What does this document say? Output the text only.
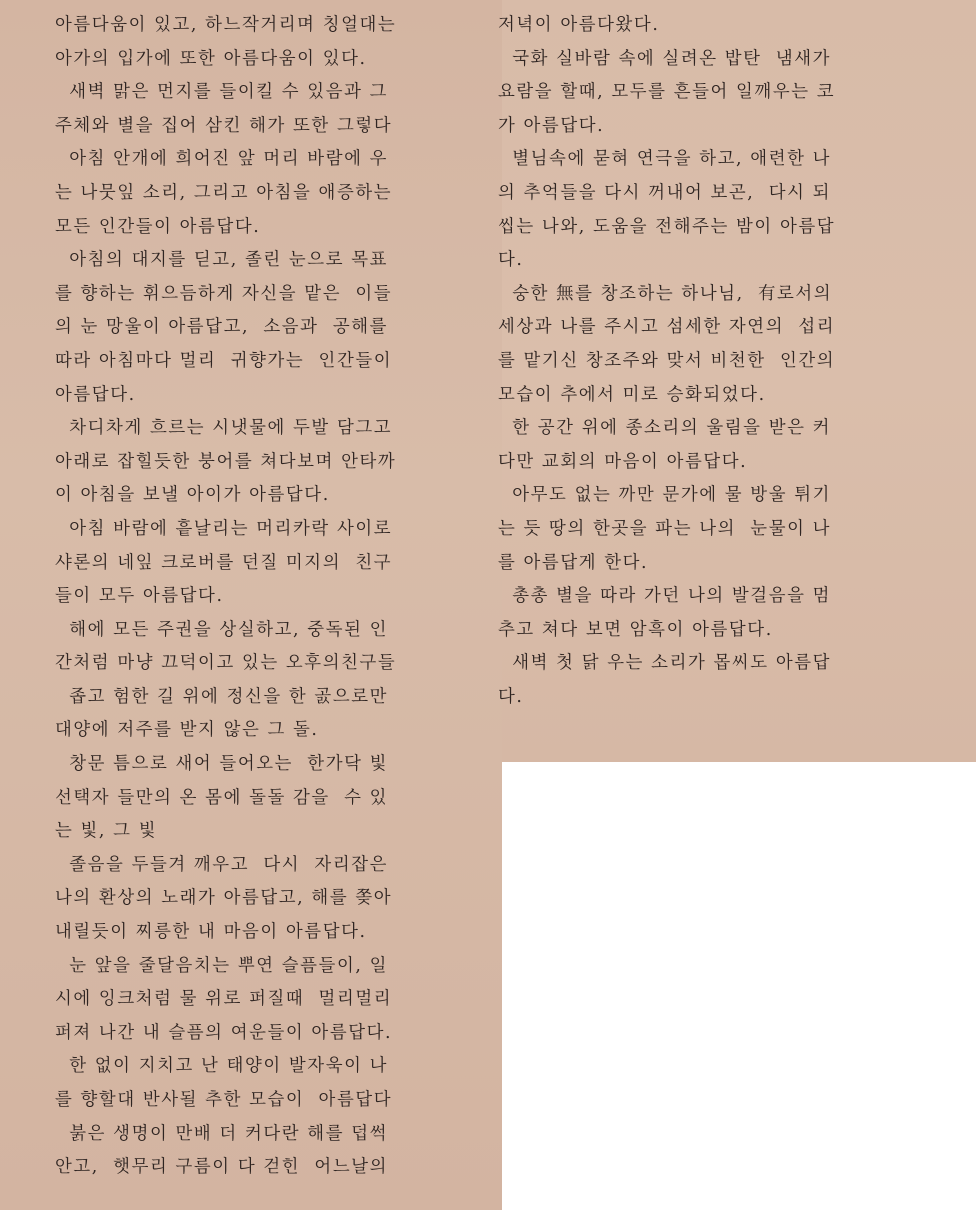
아름다움이 있고, 하느작거리며 칭얼대는
아가의 입가에 또한 아름다움이 있다.
새벽 맑은 먼지를 들이킬 수 있음과 그
주체와 별을 집어 삼킨 해가 또한 그렇다
아침 안개에 희어진 앞 머리 바람에 우
는 나뭇잎 소리, 그리고 아침을 애증하는
모든 인간들이 아름답다.
아침의 대지를 딛고, 졸린 눈으로 목표
를 향하는 휘으듬하게 자신을 맡은  이들
의 눈 망울이 아름답고,  소음과  공해를
따라 아침마다 멀리  귀향가는  인간들이
아름답다.
차디차게 흐르는 시냇물에 두발 담그고
아래로 잡힐듯한 붕어를 쳐다보며 안타까
이 아침을 보낼 아이가 아름답다.
아침 바람에 흩날리는 머리카락 사이로
샤론의 네잎 크로버를 던질 미지의  친구
들이 모두 아름답다.
해에 모든 주권을 상실하고, 중독된 인
간처럼 마냥 끄덕이고 있는 오후의친구들
좁고 험한 길 위에 정신을 한 곬으로만
대양에 저주를 받지 않은 그 돌.
창문 틈으로 새어 들어오는  한가닥 빛
선택자 들만의 온 몸에 돌돌 감을  수 있
는 빛, 그 빛
졸음을 두들겨 깨우고  다시  자리잡은
나의 환상의 노래가 아름답고, 해를 쫒아
내릴듯이 찌릉한 내 마음이 아름답다.
눈 앞을 줄달음치는 뿌연 슬픔들이, 일
시에 잉크처럼 물 위로 퍼질때  멀리멀리
퍼져 나간 내 슬픔의 여운들이 아름답다.
한 없이 지치고 난 태양이 발자욱이 나
를 향할대 반사될 추한 모습이  아름답다
붉은 생명이 만배 더 커다란 해를 덥썩
안고,  햇무리 구름이 다 걷힌  어느날의
저녁이 아름다왔다.
국화 실바람 속에 실려온 밥탄  냄새가
요람을 할때, 모두를 흔들어 일깨우는 코
가 아름답다.
별님속에 묻혀 연극을 하고, 애련한 나
의 추억들을 다시 꺼내어 보곤,  다시 되
씹는 나와, 도움을 전해주는 밤이 아름답
다.
숭한 無를 창조하는 하나님,  有로서의
세상과 나를 주시고 섬세한 자연의  섭리
를 맡기신 창조주와 맞서 비천한  인간의
모습이 추에서 미로 승화되었다.
한 공간 위에 종소리의 울림을 받은 커
다만 교회의 마음이 아름답다.
아무도 없는 까만 문가에 물 방울 튀기
는 듯 땅의 한곳을 파는 나의  눈물이 나
를 아름답게 한다.
총총 별을 따라 가던 나의 발걸음을 멈
추고 쳐다 보면 암흑이 아름답다.
새벽 첫 닭 우는 소리가 몹씨도 아름답
다.
